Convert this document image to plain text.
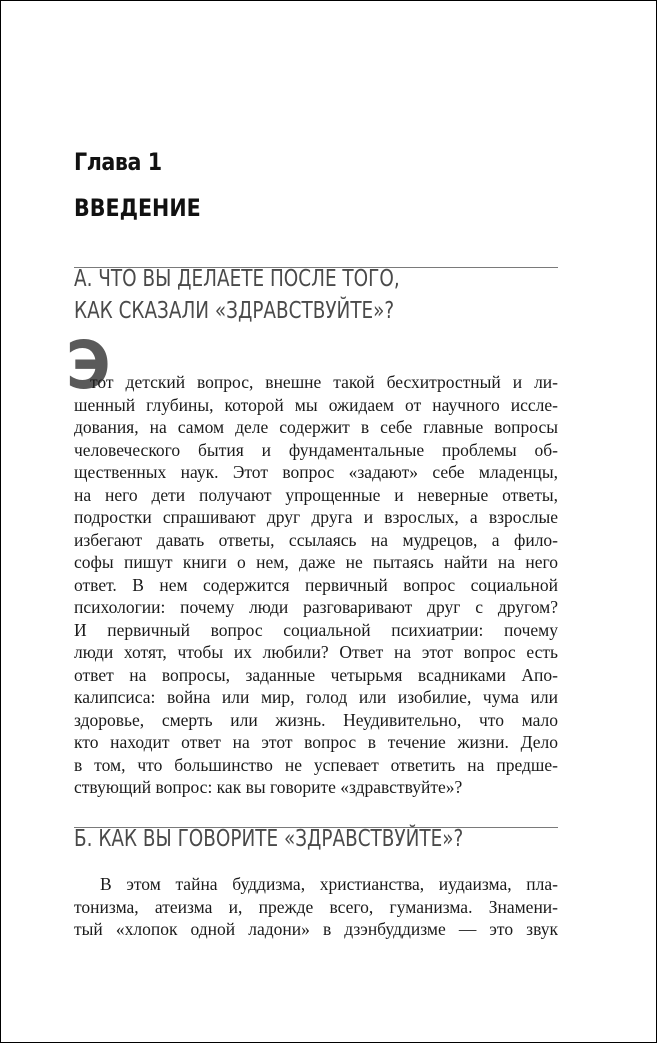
Глава 1
ВВЕДЕНИЕ
А. ЧТО ВЫ ДЕЛАЕТЕ ПОСЛЕ ТОГО,
КАК СКАЗАЛИ «ЗДРАВСТВУЙТЕ»?
Э
тот детский вопрос, внешне такой бесхитростный и ли-
шенный глубины, которой мы ожидаем от научного иссле-
дования, на самом деле содержит в себе главные вопросы
человеческого бытия и фундаментальные проблемы об-
щественных наук. Этот вопрос «задают» себе младенцы,
на него дети получают упрощенные и неверные ответы,
подростки спрашивают друг друга и взрослых, а взрослые
избегают давать ответы, ссылаясь на мудрецов, а фило-
софы пишут книги о нем, даже не пытаясь найти на него
ответ. В нем содержится первичный вопрос социальной
психологии: почему люди разговаривают друг с другом?
И первичный вопрос социальной психиатрии: почему
люди хотят, чтобы их любили? Ответ на этот вопрос есть
ответ на вопросы, заданные четырьмя всадниками Апо-
калипсиса: война или мир, голод или изобилие, чума или
здоровье, смерть или жизнь. Неудивительно, что мало
кто находит ответ на этот вопрос в течение жизни. Дело
в том, что большинство не успевает ответить на предше-
ствующий вопрос: как вы говорите «здравствуйте»?
Б. КАК ВЫ ГОВОРИТЕ «ЗДРАВСТВУЙТЕ»?
В этом тайна буддизма, христианства, иудаизма, пла-
тонизма, атеизма и, прежде всего, гуманизма. Знамени-
тый «хлопок одной ладони» в дзэнбуддизме — это звук
